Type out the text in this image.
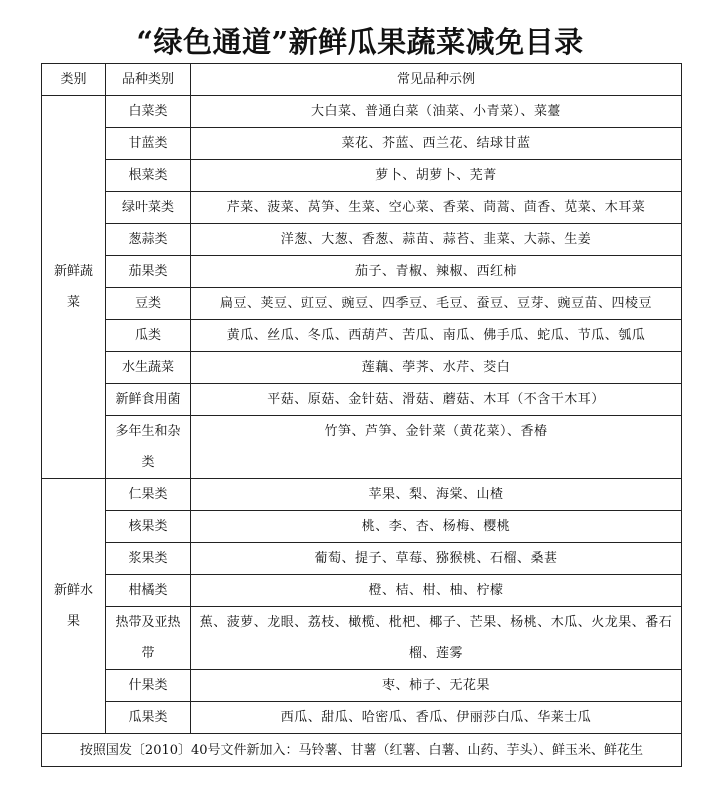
“绿色通道”新鲜瓜果蔬菜减免目录
类别	品种类别	常见品种示例
新鲜蔬菜	白菜类	大白菜、普通白菜（油菜、小青菜）、菜薹
	甘蓝类	菜花、芥蓝、西兰花、结球甘蓝
	根菜类	萝卜、胡萝卜、芜菁
	绿叶菜类	芹菜、菠菜、莴笋、生菜、空心菜、香菜、茼蒿、茴香、苋菜、木耳菜
	葱蒜类	洋葱、大葱、香葱、蒜苗、蒜苔、韭菜、大蒜、生姜
	茄果类	茄子、青椒、辣椒、西红柿
	豆类	扁豆、荚豆、豇豆、豌豆、四季豆、毛豆、蚕豆、豆芽、豌豆苗、四棱豆
	瓜类	黄瓜、丝瓜、冬瓜、西葫芦、苦瓜、南瓜、佛手瓜、蛇瓜、节瓜、瓠瓜
	水生蔬菜	莲藕、荸荠、水芹、茭白
	新鲜食用菌	平菇、原菇、金针菇、滑菇、蘑菇、木耳（不含干木耳）
	多年生和杂类	竹笋、芦笋、金针菜（黄花菜）、香椿
新鲜水果	仁果类	苹果、梨、海棠、山楂
	核果类	桃、李、杏、杨梅、樱桃
	浆果类	葡萄、提子、草莓、猕猴桃、石榴、桑葚
	柑橘类	橙、桔、柑、柚、柠檬
	热带及亚热带	蕉、菠萝、龙眼、荔枝、橄榄、枇杷、椰子、芒果、杨桃、木瓜、火龙果、番石榴、莲雾
	什果类	枣、柿子、无花果
	瓜果类	西瓜、甜瓜、哈密瓜、香瓜、伊丽莎白瓜、华莱士瓜
按照国发〔2010〕40号文件新加入：马铃薯、甘薯（红薯、白薯、山药、芋头）、鲜玉米、鲜花生		
